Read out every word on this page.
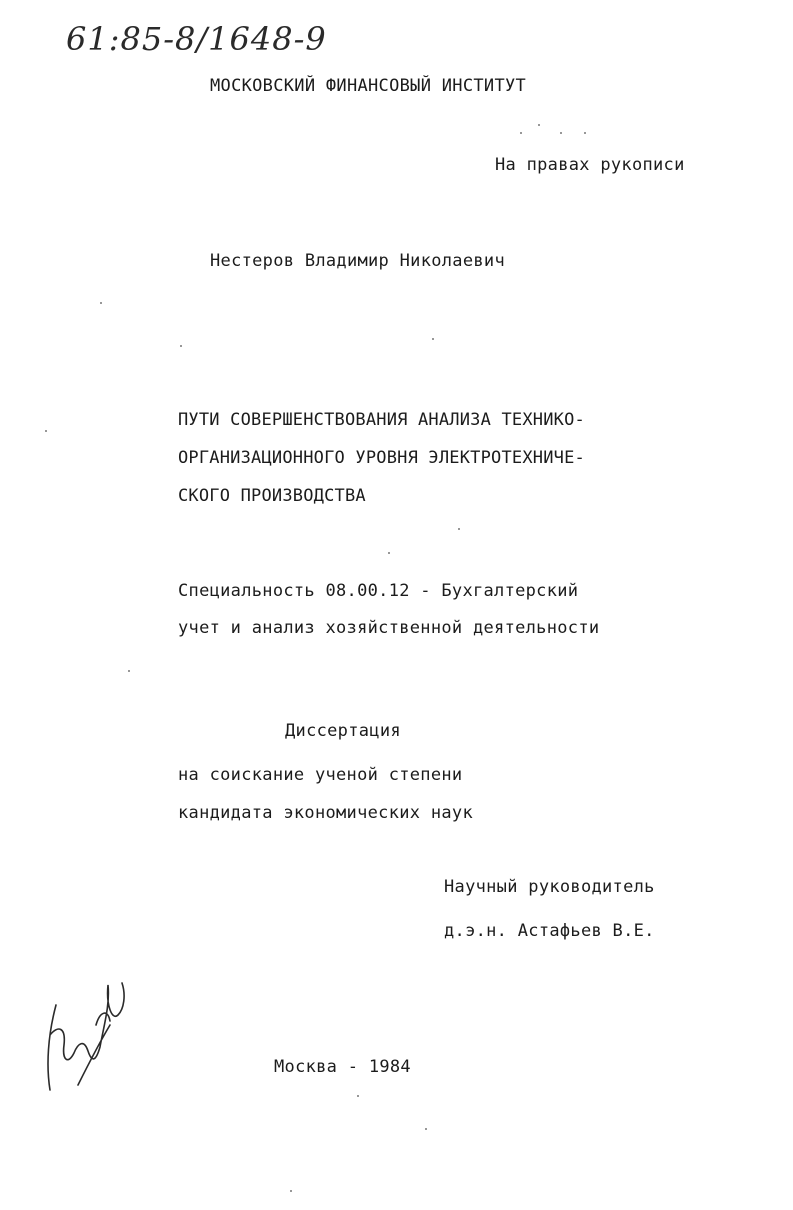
61:85-8/1648-9
МОСКОВСКИЙ ФИНАНСОВЫЙ ИНСТИТУТ
На правах рукописи
Нестеров Владимир Николаевич
ПУТИ СОВЕРШЕНСТВОВАНИЯ АНАЛИЗА ТЕХНИКО-
ОРГАНИЗАЦИОННОГО УРОВНЯ ЭЛЕКТРОТЕХНИЧЕ-
СКОГО ПРОИЗВОДСТВА
Специальность 08.00.12 - Бухгалтерский
учет и анализ хозяйственной деятельности
Диссертация
на соискание ученой степени
кандидата экономических наук
Научный руководитель
д.э.н. Астафьев В.Е.
Москва - 1984
